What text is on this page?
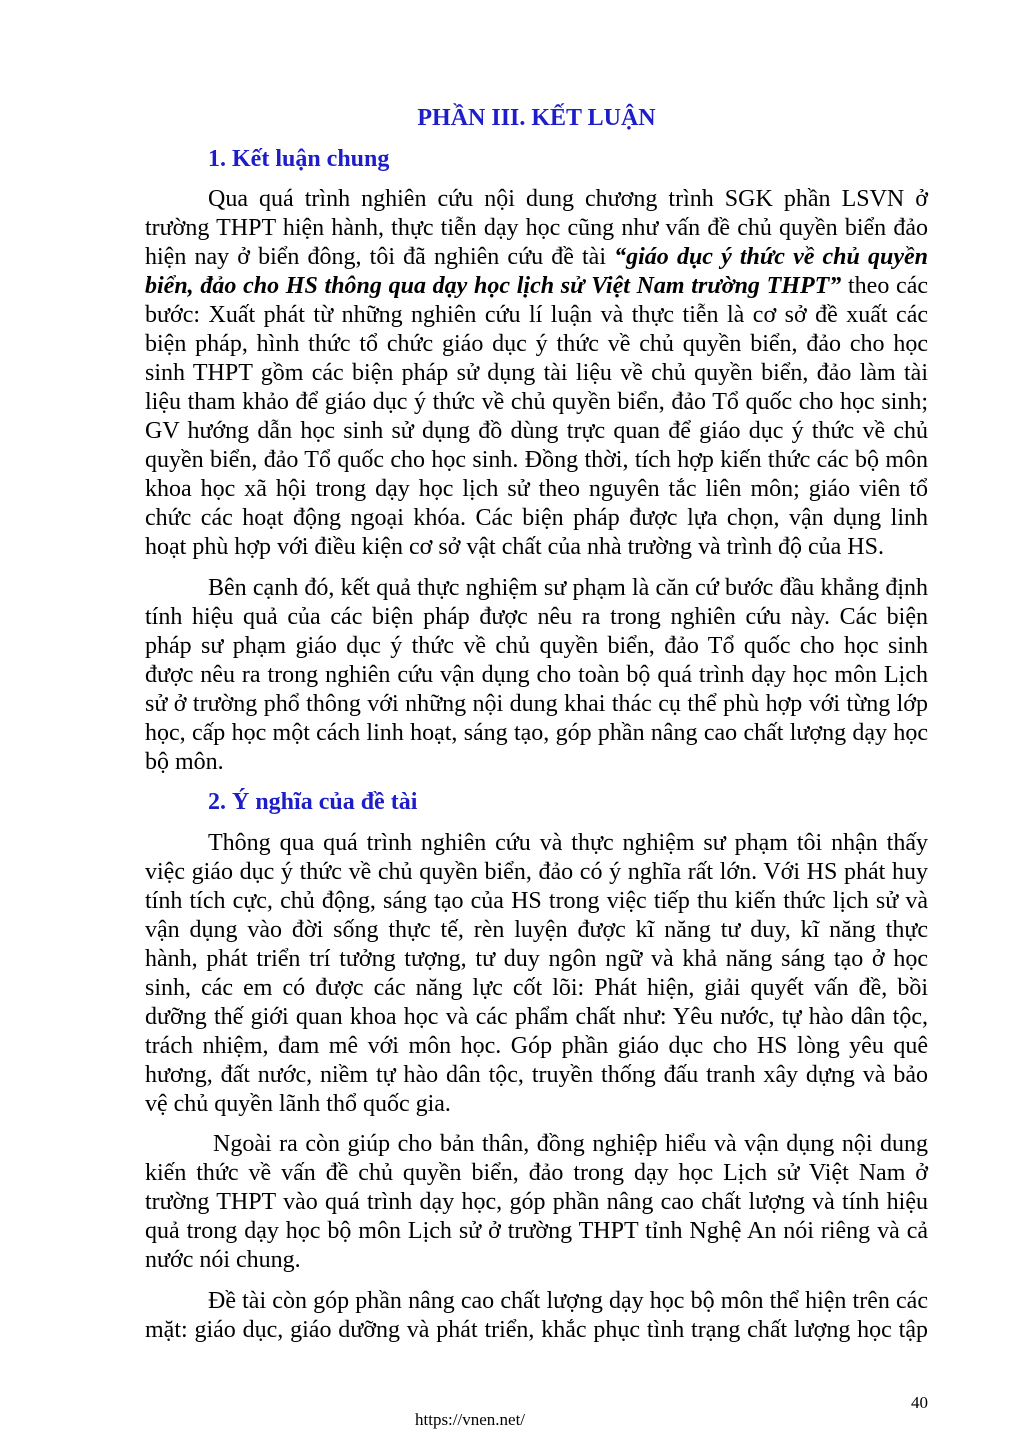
PHẦN III. KẾT LUẬN
1. Kết luận chung
Qua quá trình nghiên cứu nội dung chương trình SGK phần LSVN ở
trường THPT hiện hành, thực tiễn dạy học cũng như vấn đề chủ quyền biển đảo
hiện nay ở biển đông, tôi đã nghiên cứu đề tài “giáo dục ý thức về chủ quyền
biển, đảo cho HS thông qua dạy học lịch sử Việt Nam trường THPT” theo các
bước: Xuất phát từ những nghiên cứu lí luận và thực tiễn là cơ sở đề xuất các
biện pháp, hình thức tổ chức giáo dục ý thức về chủ quyền biển, đảo cho học
sinh THPT gồm các biện pháp sử dụng tài liệu về chủ quyền biển, đảo làm tài
liệu tham khảo để giáo dục ý thức về chủ quyền biển, đảo Tổ quốc cho học sinh;
GV hướng dẫn học sinh sử dụng đồ dùng trực quan để giáo dục ý thức về chủ
quyền biển, đảo Tổ quốc cho học sinh. Đồng thời, tích hợp kiến thức các bộ môn
khoa học xã hội trong dạy học lịch sử theo nguyên tắc liên môn; giáo viên tổ
chức các hoạt động ngoại khóa. Các biện pháp được lựa chọn, vận dụng linh
hoạt phù hợp với điều kiện cơ sở vật chất của nhà trường và trình độ của HS.
Bên cạnh đó, kết quả thực nghiệm sư phạm là căn cứ bước đầu khẳng định
tính hiệu quả của các biện pháp được nêu ra trong nghiên cứu này. Các biện
pháp sư phạm giáo dục ý thức về chủ quyền biển, đảo Tổ quốc cho học sinh
được nêu ra trong nghiên cứu vận dụng cho toàn bộ quá trình dạy học môn Lịch
sử ở trường phổ thông với những nội dung khai thác cụ thể phù hợp với từng lớp
học, cấp học một cách linh hoạt, sáng tạo, góp phần nâng cao chất lượng dạy học
bộ môn.
2. Ý nghĩa của đề tài
Thông qua quá trình nghiên cứu và thực nghiệm sư phạm tôi nhận thấy
việc giáo dục ý thức về chủ quyền biển, đảo có ý nghĩa rất lớn. Với HS phát huy
tính tích cực, chủ động, sáng tạo của HS trong việc tiếp thu kiến thức lịch sử và
vận dụng vào đời sống thực tế, rèn luyện được kĩ năng tư duy, kĩ năng thực
hành, phát triển trí tưởng tượng, tư duy ngôn ngữ và khả năng sáng tạo ở học
sinh, các em có được các năng lực cốt lõi: Phát hiện, giải quyết vấn đề, bồi
dưỡng thế giới quan khoa học và các phẩm chất như: Yêu nước, tự hào dân tộc,
trách nhiệm, đam mê với môn học. Góp phần giáo dục cho HS lòng yêu quê
hương, đất nước, niềm tự hào dân tộc, truyền thống đấu tranh xây dựng và bảo
vệ chủ quyền lãnh thổ quốc gia.
Ngoài ra còn giúp cho bản thân, đồng nghiệp hiểu và vận dụng nội dung
kiến thức về vấn đề chủ quyền biển, đảo trong dạy học Lịch sử Việt Nam ở
trường THPT vào quá trình dạy học, góp phần nâng cao chất lượng và tính hiệu
quả trong dạy học bộ môn Lịch sử ở trường THPT tỉnh Nghệ An nói riêng và cả
nước nói chung.
Đề tài còn góp phần nâng cao chất lượng dạy học bộ môn thể hiện trên các
mặt: giáo dục, giáo dưỡng và phát triển, khắc phục tình trạng chất lượng học tập
40
https://vnen.net/
